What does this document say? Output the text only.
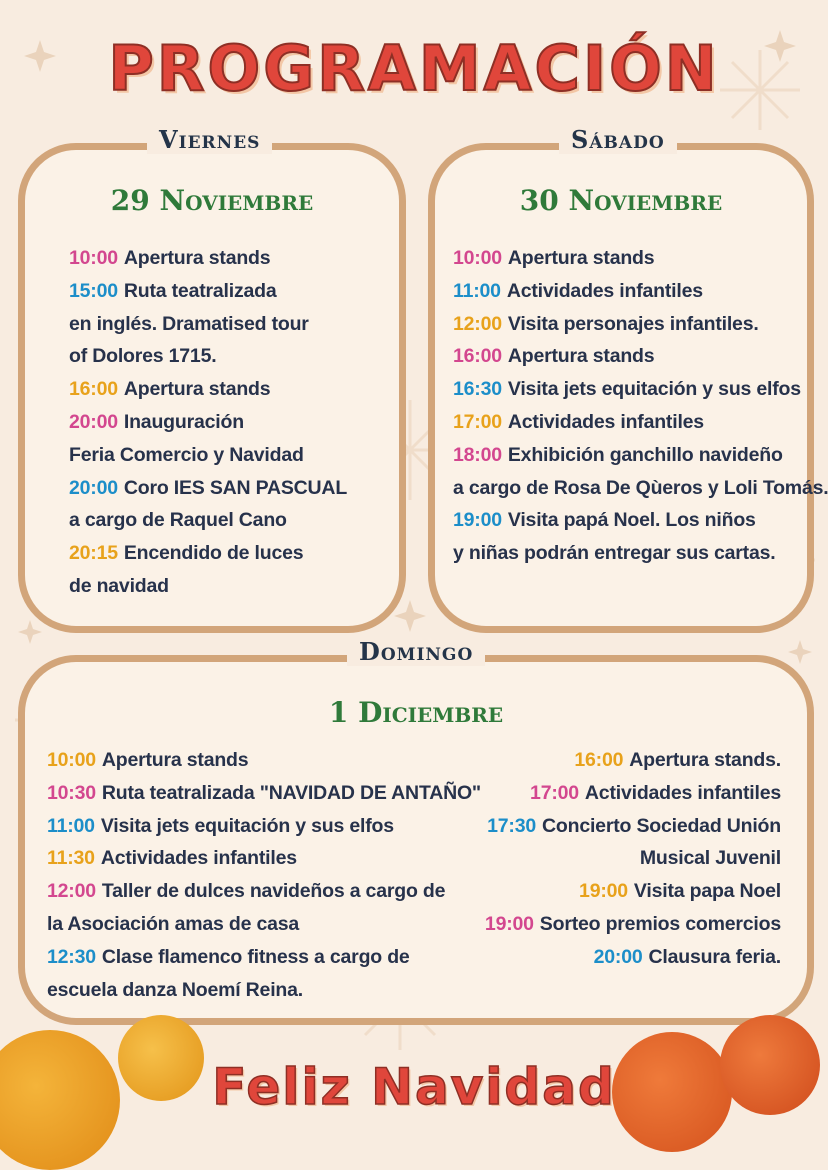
PROGRAMACIÓN
Viernes
29 Noviembre
10:00 Apertura stands
15:00 Ruta teatralizada
en inglés. Dramatised tour
of Dolores 1715.
16:00 Apertura stands
20:00 Inauguración
Feria Comercio y Navidad
20:00 Coro IES SAN PASCUAL
a cargo de Raquel Cano
20:15 Encendido de luces
de navidad
Sábado
30 Noviembre
10:00 Apertura stands
11:00 Actividades infantiles
12:00 Visita personajes infantiles.
16:00 Apertura stands
16:30 Visita jets equitación y sus elfos
17:00 Actividades infantiles
18:00 Exhibición ganchillo navideño
a cargo de Rosa De Qùeros y Loli Tomás.
19:00 Visita papá Noel. Los niños
y niñas podrán entregar sus cartas.
Domingo
1 Diciembre
10:00 Apertura stands
10:30 Ruta teatralizada "NAVIDAD DE ANTAÑO"
11:00 Visita jets equitación y sus elfos
11:30 Actividades infantiles
12:00 Taller de dulces navideños a cargo de
la Asociación amas de casa
12:30 Clase flamenco fitness a cargo de
escuela danza Noemí Reina.
16:00 Apertura stands.
17:00 Actividades infantiles
17:30 Concierto Sociedad Unión
Musical Juvenil
19:00 Visita papa Noel
19:00 Sorteo premios comercios
20:00 Clausura feria.
Feliz Navidad
